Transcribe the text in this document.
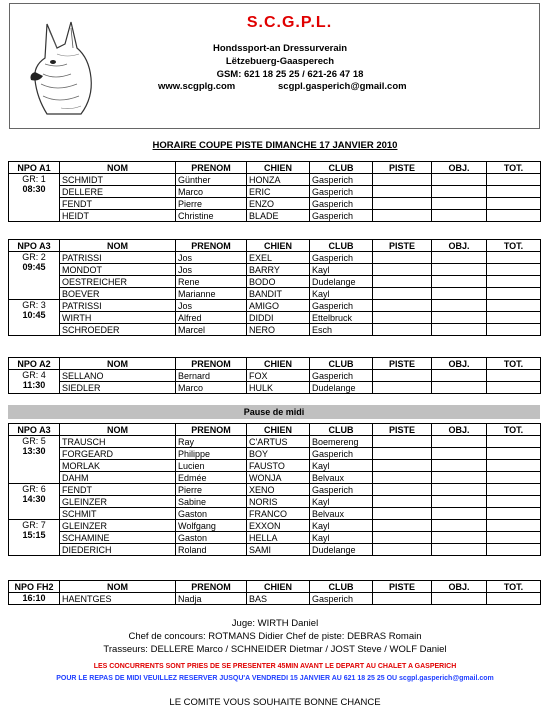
S.C.G.P.L.
Hondssport-an Dressurverain
Lëtzebuerg-Gaasperech
GSM: 621 18 25 25 / 621-26 47 18
www.scgplg.com	scgpl.gasperich@gmail.com
HORAIRE COUPE PISTE DIMANCHE 17 JANVIER 2010
NPO A1	NOM	PRENOM	CHIEN	CLUB	PISTE	OBJ.	TOT.
GR: 1
08:30	SCHMIDT	Günther	HONZA	Gasperich			
	DELLERE	Marco	ERIC	Gasperich			
	FENDT	Pierre	ENZO	Gasperich			
	HEIDT	Christine	BLADE	Gasperich			
NPO A3	NOM	PRENOM	CHIEN	CLUB	PISTE	OBJ.	TOT.
GR: 2
09:45	PATRISSI	Jos	EXEL	Gasperich			
	MONDOT	Jos	BARRY	Kayl			
	OESTREICHER	Rene	BODO	Dudelange			
	BOEVER	Marianne	BANDIT	Kayl			
GR: 3
10:45	PATRISSI	Jos	AMIGO	Gasperich			
	WIRTH	Alfred	DIDDI	Ettelbruck			
	SCHROEDER	Marcel	NERO	Esch			
NPO A2	NOM	PRENOM	CHIEN	CLUB	PISTE	OBJ.	TOT.
GR: 4
11:30	SELLANO	Bernard	FOX	Gasperich			
	SIEDLER	Marco	HULK	Dudelange			
NPO A3	NOM	PRENOM	CHIEN	CLUB	PISTE	OBJ.	TOT.
GR: 5
13:30	TRAUSCH	Ray	C'ARTUS	Boemereng			
	FORGEARD	Philippe	BOY	Gasperich			
	MORLAK	Lucien	FAUSTO	Kayl			
	DAHM	Edmée	WONJA	Belvaux			
GR: 6
14:30	FENDT	Pierre	XENO	Gasperich			
	GLEINZER	Sabine	NORIS	Kayl			
	SCHMIT	Gaston	FRANCO	Belvaux			
GR: 7
15:15	GLEINZER	Wolfgang	EXXON	Kayl			
	SCHAMINE	Gaston	HELLA	Kayl			
	DIEDERICH	Roland	SAMI	Dudelange			
NPO FH2	NOM	PRENOM	CHIEN	CLUB	PISTE	OBJ.	TOT.
16:10	HAENTGES	Nadja	BAS	Gasperich			
Pause de midi
Juge: WIRTH Daniel
Chef de concours: ROTMANS Didier Chef de piste: DEBRAS Romain
Trasseurs: DELLERE Marco / SCHNEIDER Dietmar / JOST Steve / WOLF Daniel
LES CONCURRENTS SONT PRIES DE SE PRESENTER 45MIN AVANT LE DEPART AU CHALET A GASPERICH
POUR LE REPAS DE MIDI VEUILLEZ RESERVER JUSQU'A VENDREDI 15 JANVIER AU 621 18 25 25 OU scgpl.gasperich@gmail.com
LE COMITE VOUS SOUHAITE BONNE CHANCE
